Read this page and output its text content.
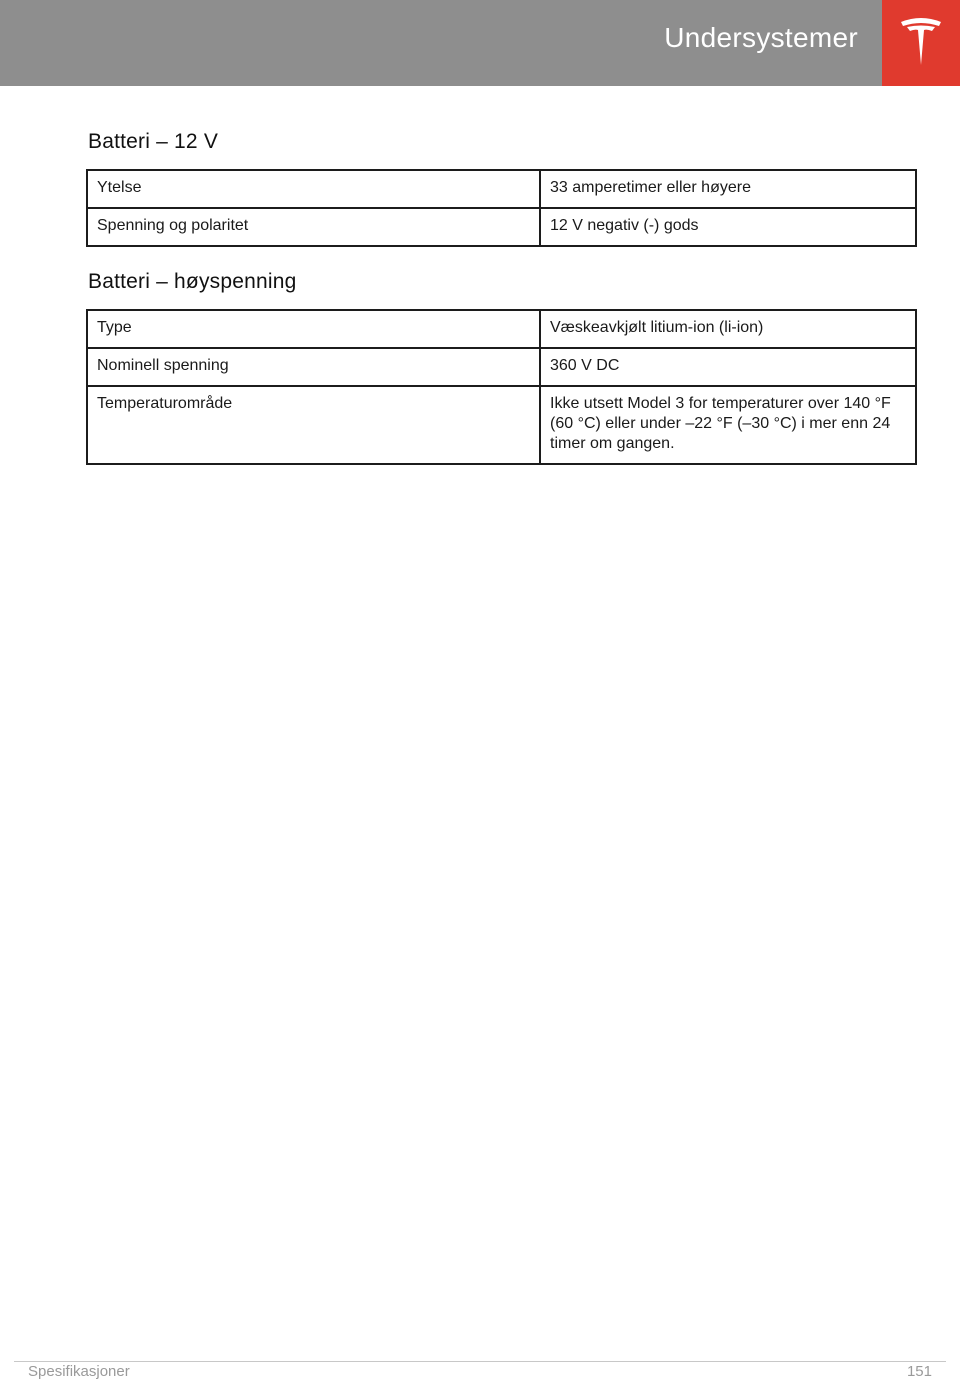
Undersystemer
Batteri – 12 V
Ytelse	33 amperetimer eller høyere
Spenning og polaritet	12 V negativ (-) gods
Batteri – høyspenning
Type	Væskeavkjølt litium-ion (li-ion)
Nominell spenning	360 V DC
Temperaturområde	Ikke utsett Model 3 for temperaturer over 140 °F (60 °C) eller under –22 °F (–30 °C) i mer enn 24 timer om gangen.
Spesifikasjoner	151
